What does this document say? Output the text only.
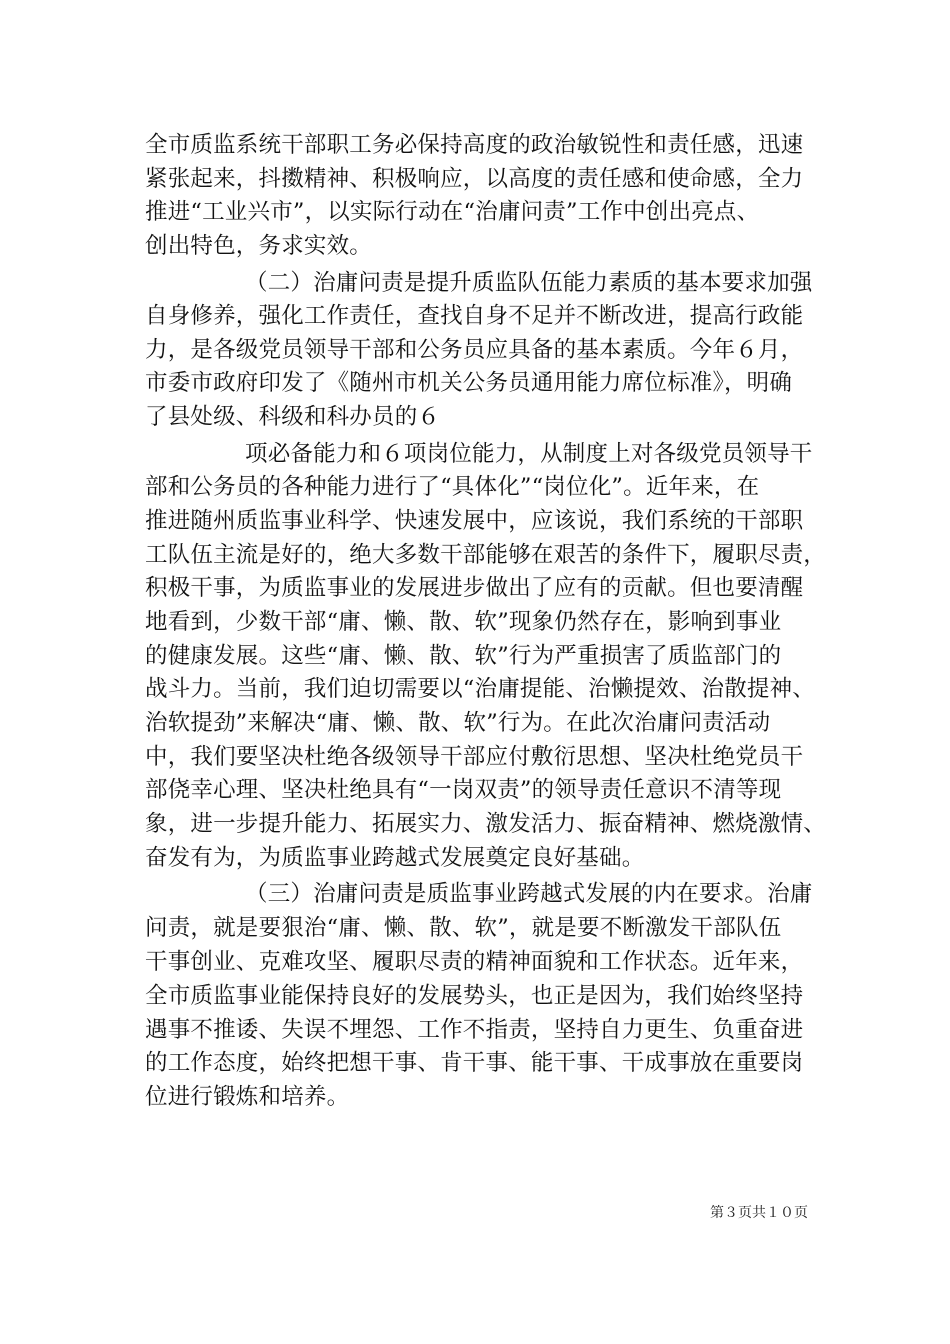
全市质监系统干部职工务必保持高度的政治敏锐性和责任感，迅速
紧张起来，抖擞精神、积极响应，以高度的责任感和使命感，全力
推进“工业兴市”，以实际行动在“治庸问责”工作中创出亮点、
创出特色，务求实效。
（二）治庸问责是提升质监队伍能力素质的基本要求加强
自身修养，强化工作责任，查找自身不足并不断改进，提高行政能
力，是各级党员领导干部和公务员应具备的基本素质。今年６月，
市委市政府印发了《随州市机关公务员通用能力席位标准》，明确
了县处级、科级和科办员的６
项必备能力和６项岗位能力，从制度上对各级党员领导干
部和公务员的各种能力进行了“具体化”“岗位化”。近年来，在
推进随州质监事业科学、快速发展中，应该说，我们系统的干部职
工队伍主流是好的，绝大多数干部能够在艰苦的条件下，履职尽责，
积极干事，为质监事业的发展进步做出了应有的贡献。但也要清醒
地看到，少数干部“庸、懒、散、软”现象仍然存在，影响到事业
的健康发展。这些“庸、懒、散、软”行为严重损害了质监部门的
战斗力。当前，我们迫切需要以“治庸提能、治懒提效、治散提神、
治软提劲”来解决“庸、懒、散、软”行为。在此次治庸问责活动
中，我们要坚决杜绝各级领导干部应付敷衍思想、坚决杜绝党员干
部侥幸心理、坚决杜绝具有“一岗双责”的领导责任意识不清等现
象，进一步提升能力、拓展实力、激发活力、振奋精神、燃烧激情、
奋发有为，为质监事业跨越式发展奠定良好基础。
（三）治庸问责是质监事业跨越式发展的内在要求。治庸
问责，就是要狠治“庸、懒、散、软”，就是要不断激发干部队伍
干事创业、克难攻坚、履职尽责的精神面貌和工作状态。近年来，
全市质监事业能保持良好的发展势头，也正是因为，我们始终坚持
遇事不推诿、失误不埋怨、工作不指责，坚持自力更生、负重奋进
的工作态度，始终把想干事、肯干事、能干事、干成事放在重要岗
位进行锻炼和培养。
第３页共１０页
